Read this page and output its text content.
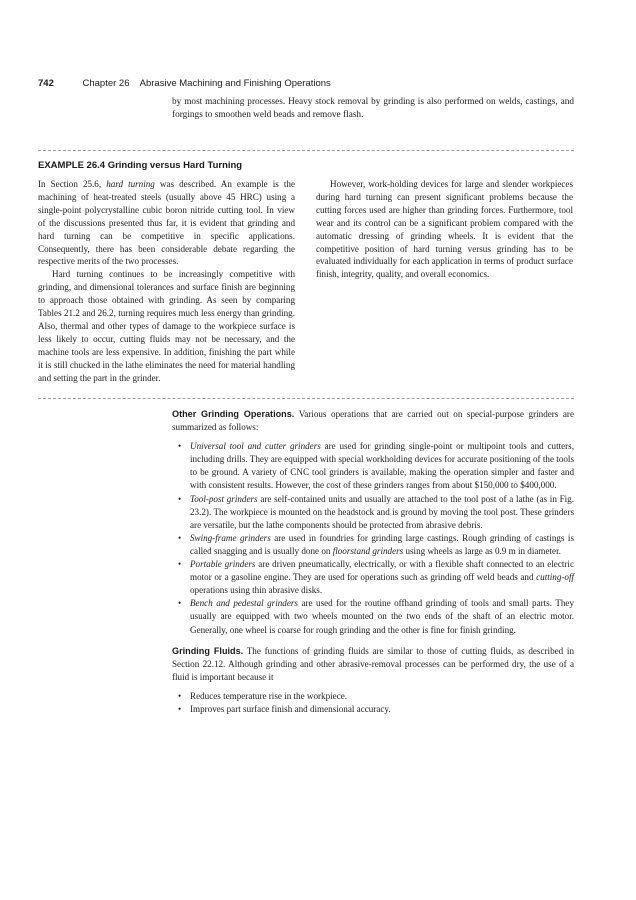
742	Chapter 26 Abrasive Machining and Finishing Operations
by most machining processes. Heavy stock removal by grinding is also performed on welds, castings, and forgings to smoothen weld beads and remove flash.
EXAMPLE 26.4 Grinding versus Hard Turning

In Section 25.6, hard turning was described. An example is the machining of heat-treated steels (usually above 45 HRC) using a single-point polycrystalline cubic boron nitride cutting tool. In view of the discussions presented thus far, it is evident that grinding and hard turning can be competitive in specific applications. Consequently, there has been considerable debate regarding the respective merits of the two processes.

Hard turning continues to be increasingly competitive with grinding, and dimensional tolerances and surface finish are beginning to approach those obtained with grinding. As seen by comparing Tables 21.2 and 26.2, turning requires much less energy than grinding. Also, thermal and other types of damage to the workpiece surface is less likely to occur, cutting fluids may not be necessary, and the machine tools are less expensive. In addition, finishing the part while it is still chucked in the lathe eliminates the need for material handling and setting the part in the grinder.

However, work-holding devices for large and slender workpieces during hard turning can present significant problems because the cutting forces used are higher than grinding forces. Furthermore, tool wear and its control can be a significant problem compared with the automatic dressing of grinding wheels. It is evident that the competitive position of hard turning versus grinding has to be evaluated individually for each application in terms of product surface finish, integrity, quality, and overall economics.

Other Grinding Operations. Various operations that are carried out on special-purpose grinders are summarized as follows:

• Universal tool and cutter grinders are used for grinding single-point or multipoint tools and cutters, including drills. They are equipped with special workholding devices for accurate positioning of the tools to be ground. A variety of CNC tool grinders is available, making the operation simpler and faster and with consistent results. However, the cost of these grinders ranges from about $150,000 to $400,000.
• Tool-post grinders are self-contained units and usually are attached to the tool post of a lathe (as in Fig. 23.2). The workpiece is mounted on the headstock and is ground by moving the tool post. These grinders are versatile, but the lathe components should be protected from abrasive debris.
• Swing-frame grinders are used in foundries for grinding large castings. Rough grinding of castings is called snagging and is usually done on floorstand grinders using wheels as large as 0.9 m in diameter.
• Portable grinders are driven pneumatically, electrically, or with a flexible shaft connected to an electric motor or a gasoline engine. They are used for operations such as grinding off weld beads and cutting-off operations using thin abrasive disks.
• Bench and pedestal grinders are used for the routine offhand grinding of tools and small parts. They usually are equipped with two wheels mounted on the two ends of the shaft of an electric motor. Generally, one wheel is coarse for rough grinding and the other is fine for finish grinding.

Grinding Fluids. The functions of grinding fluids are similar to those of cutting fluids, as described in Section 22.12. Although grinding and other abrasive-removal processes can be performed dry, the use of a fluid is important because it

• Reduces temperature rise in the workpiece.
• Improves part surface finish and dimensional accuracy.
